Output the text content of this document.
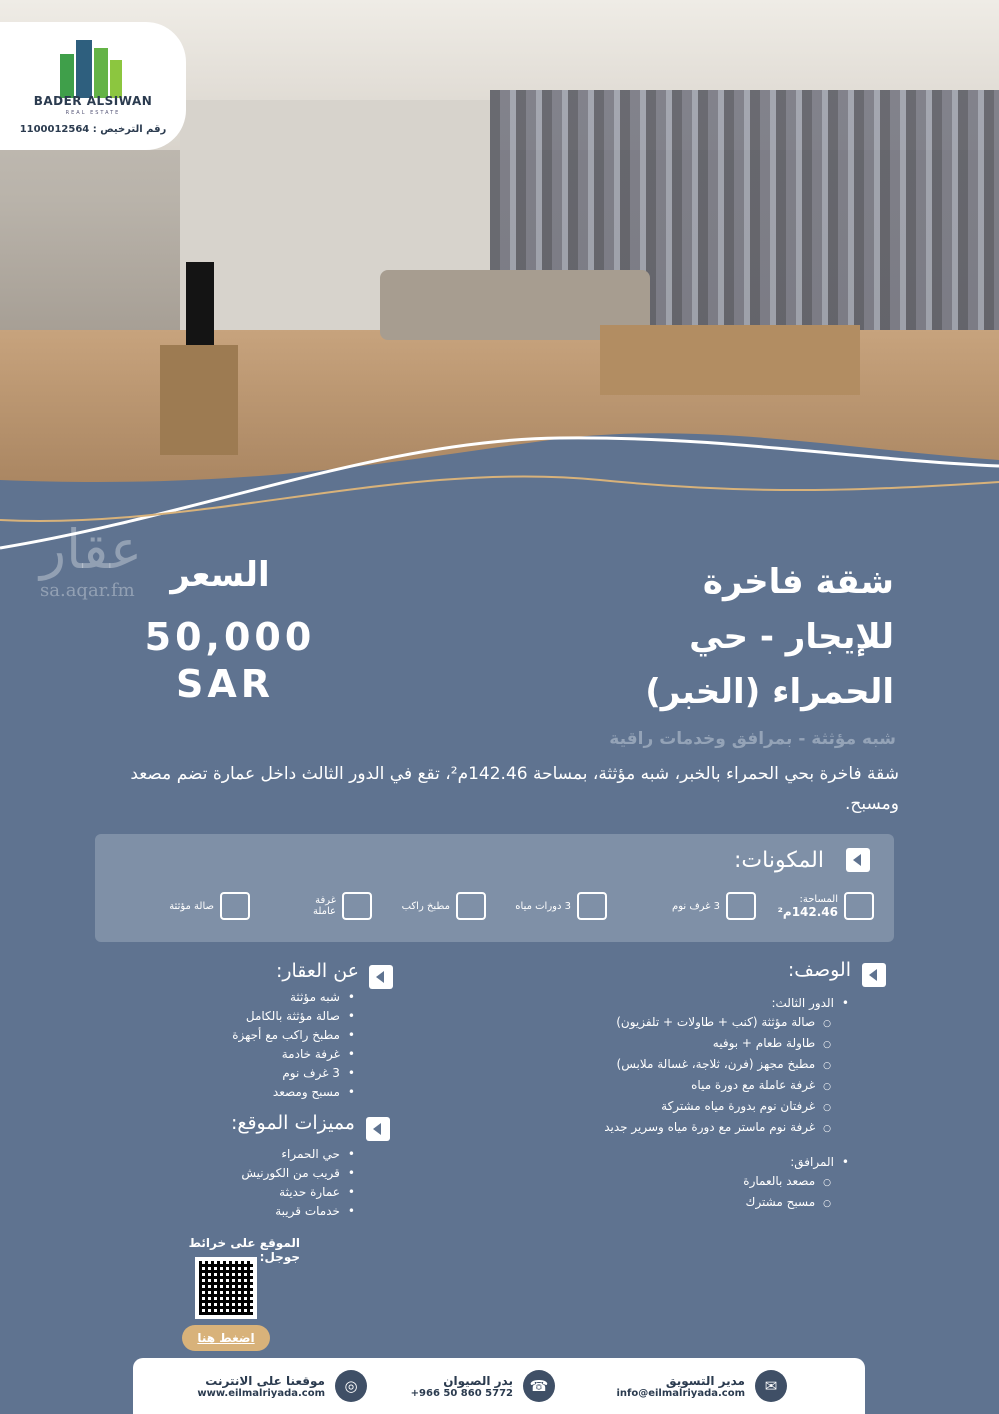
BADER ALSIWAN
REAL ESTATE
رقم الترخيص : 1100012564
عقار
sa.aqar.fm	شقة فاخرة
للإيجار - حي
الحمراء (الخبر)
السعر
50,000
SAR
شبه مؤثثة - بمرافق وخدمات راقية
شقة فاخرة بحي الحمراء بالخبر، شبه مؤثثة، بمساحة 142.46م²، تقع في الدور الثالث داخل عمارة تضم مصعد ومسبح.
المكونات:
المساحة:
142.46م²
3 غرف نوم
3 دورات مياه
مطبخ راكب
غرفة عاملة
صالة مؤثثة
الوصف:
• الدور الثالث:
○ صالة مؤثثة (كنب + طاولات + تلفزيون)
○ طاولة طعام + بوفيه
○ مطبخ مجهز (فرن، ثلاجة، غسالة ملابس)
○ غرفة عاملة مع دورة مياه
○ غرفتان نوم بدورة مياه مشتركة
○ غرفة نوم ماستر مع دورة مياه وسرير جديد
• المرافق:
○ مصعد بالعمارة
○ مسبح مشترك
عن العقار:
• شبه مؤثثة
• صالة مؤثثة بالكامل
• مطبخ راكب مع أجهزة
• غرفة خادمة
• 3 غرف نوم
• مسبح ومصعد
مميزات الموقع:
• حي الحمراء
• قريب من الكورنيش
• عمارة حديثة
• خدمات قريبة
الموقع على خرائط جوجل:
اضغط هنا
✉
مدير التسويق
info@eilmalriyada.com
☎
بدر الصيوان
+966 50 860 5772
◎
موقعنا على الانترنت
www.eilmalriyada.com
